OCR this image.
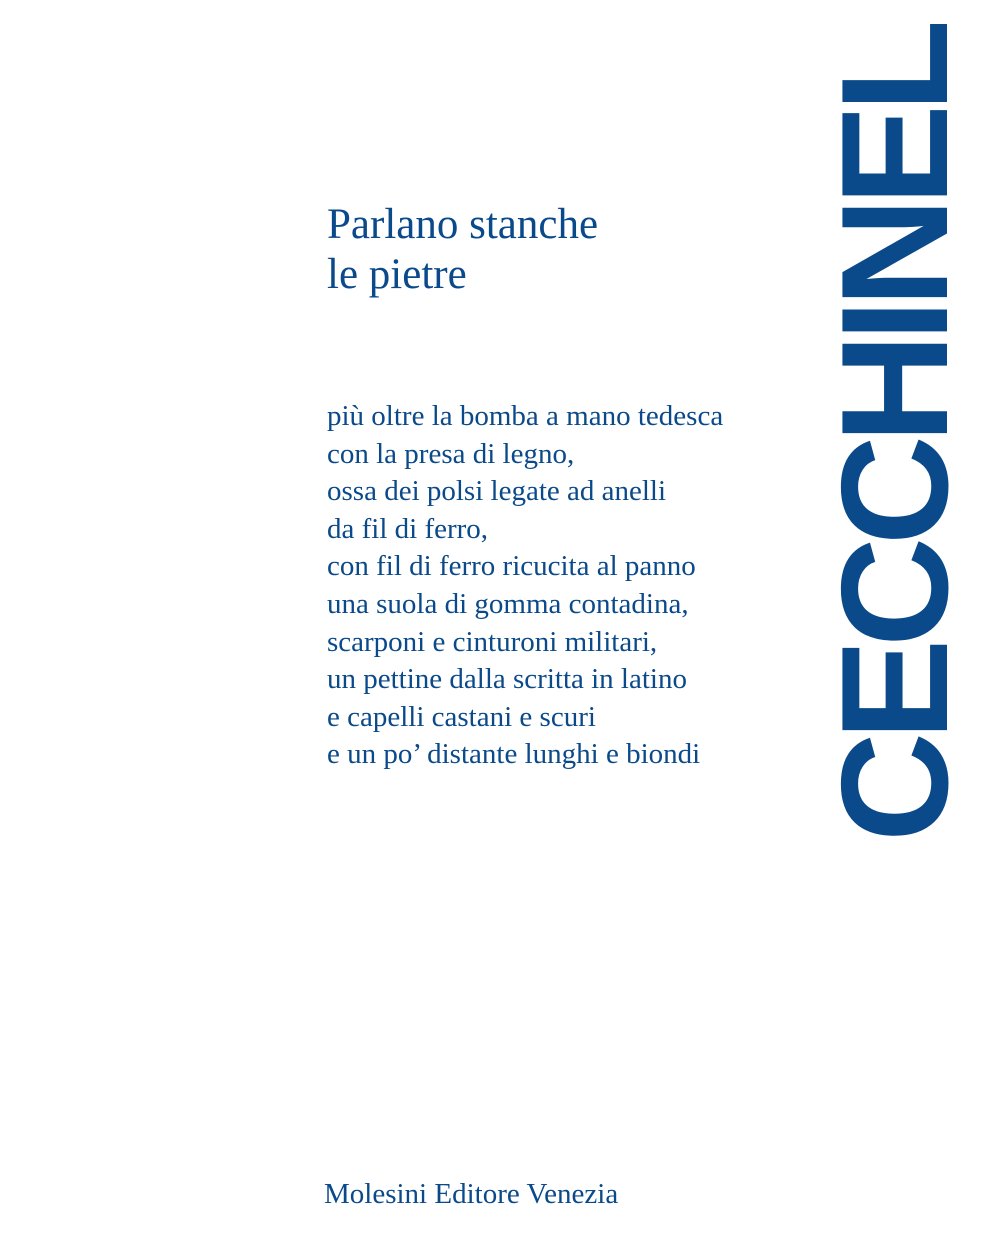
Parlano stanche
le pietre
più oltre la bomba a mano tedesca
con la presa di legno,
ossa dei polsi legate ad anelli
da fil di ferro,
con fil di ferro ricucita al panno
una suola di gomma contadina,
scarponi e cinturoni militari,
un pettine dalla scritta in latino
e capelli castani e scuri
e un po’ distante lunghi e biondi CECCHINEL
Molesini Editore Venezia
